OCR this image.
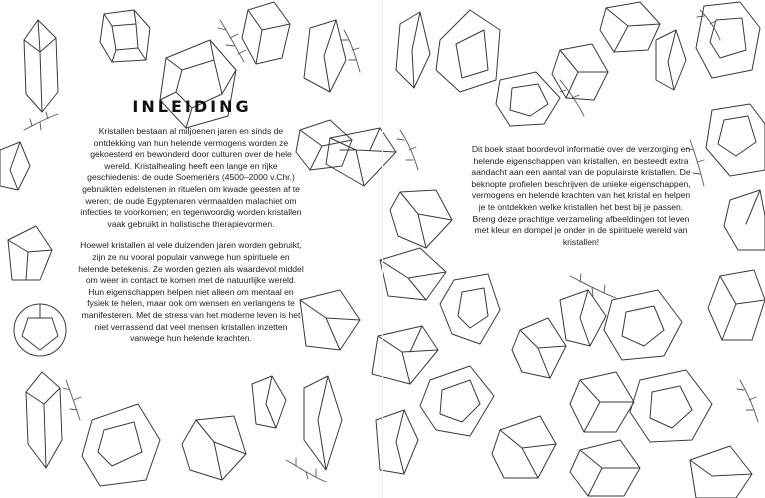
INLEIDING

Kristallen bestaan al miljoenen jaren en sinds de ontdekking van hun helende vermogens worden ze gekoesterd en bewonderd door culturen over de hele wereld. Kristalhealing heeft een lange en rijke geschiedenis: de oude Soemeriërs (4500–2000 v.Chr.) gebruikten edelstenen in rituelen om kwade geesten af te weren; de oude Egyptenaren vermaalden malachiet om infecties te voorkomen; en tegenwoordig worden kristallen vaak gebruikt in holistische therapievormen.

Hoewel kristallen al vele duizenden jaren worden gebruikt, zijn ze nu vooral populair vanwege hun spirituele en helende betekenis. Ze worden gezien als waardevol middel om weer in contact te komen met de natuurlijke wereld. Hun eigenschappen helpen niet alleen om mentaal en fysiek te helen, maar ook om wensen en verlangens te manifesteren. Met de stress van het moderne leven is het niet verrassend dat veel mensen kristallen inzetten vanwege hun helende krachten.

Dit boek staat boordevol informatie over de verzorging en helende eigenschappen van kristallen, en besteedt extra aandacht aan een aantal van de populairste kristallen. De beknopte profielen beschrijven de unieke eigenschappen, vermogens en helende krachten van het kristal en helpen je te ontdekken welke kristallen het best bij je passen. Breng deze prachtige verzameling afbeeldingen tot leven met kleur en dompel je onder in de spirituele wereld van kristallen!
